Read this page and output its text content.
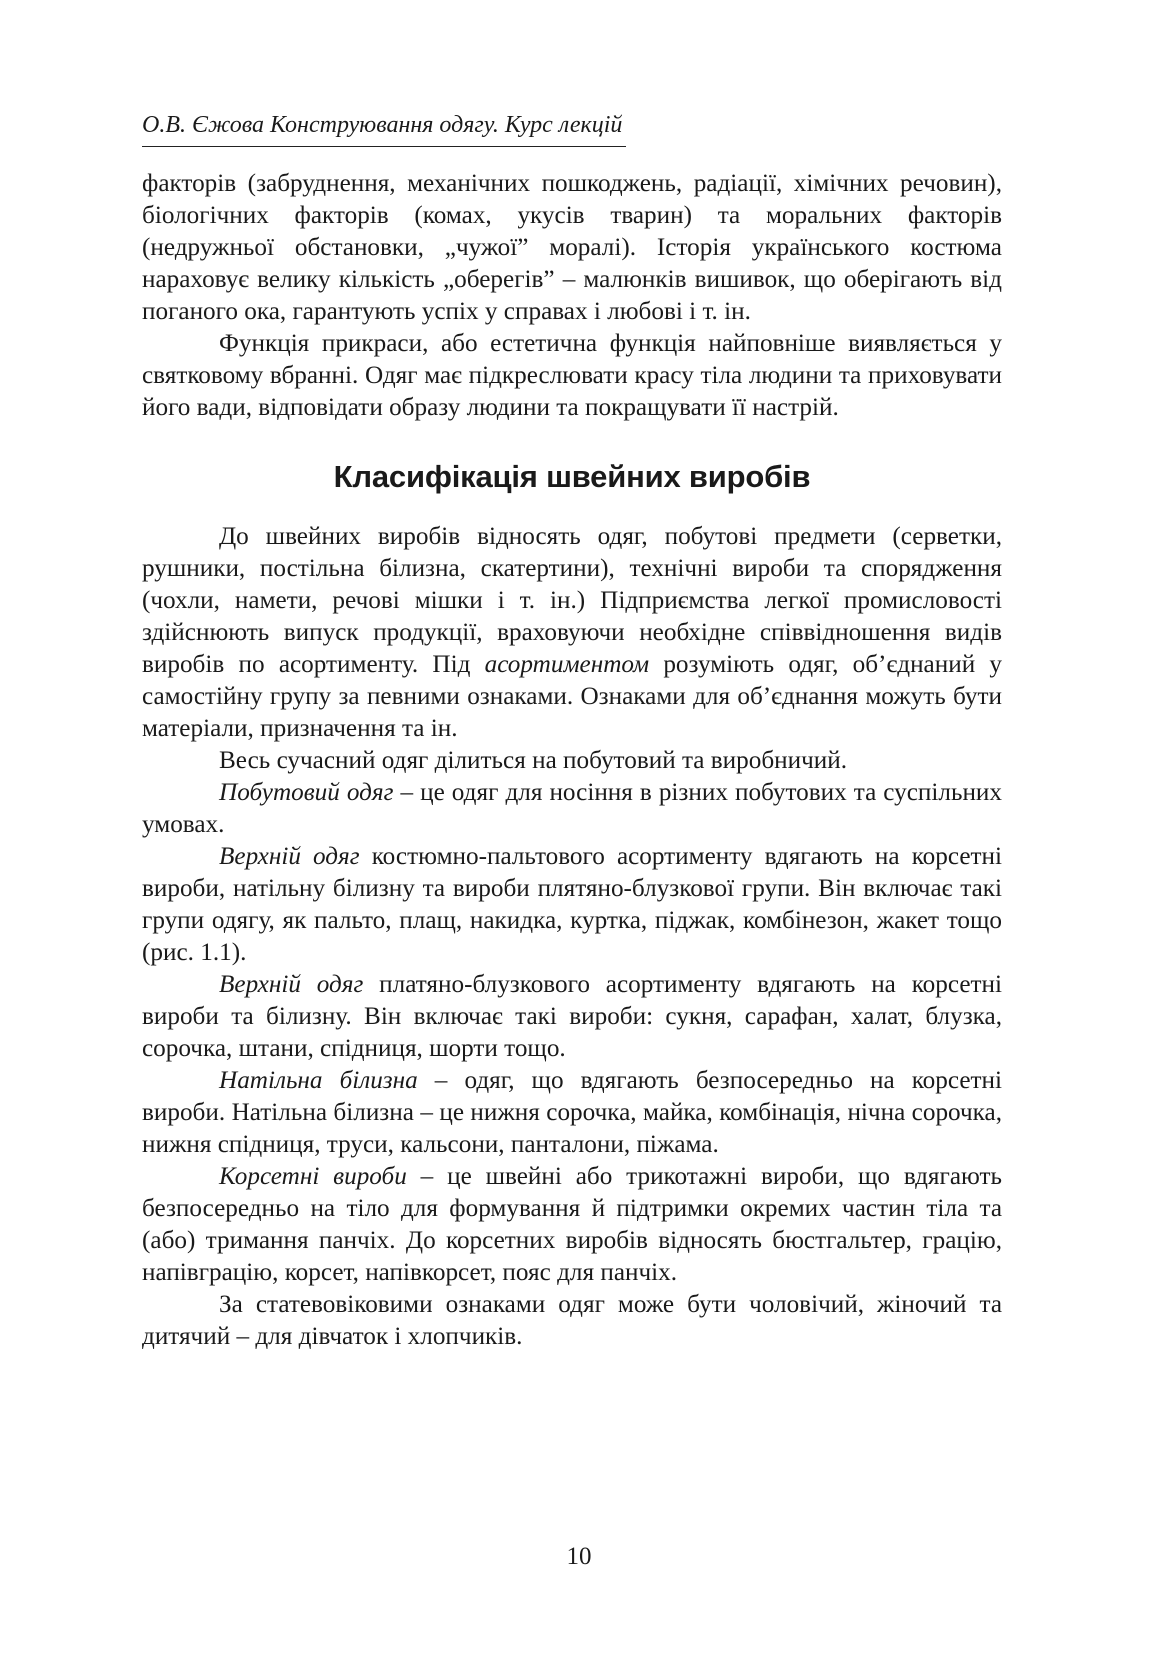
О.В. Єжова Конструювання одягу. Курс лекцій

факторів (забруднення, механічних пошкоджень, радіації, хімічних речовин), біологічних факторів (комах, укусів тварин) та моральних факторів (недружньої обстановки, „чужої” моралі). Історія українського костюма нараховує велику кількість „оберегів” – малюнків вишивок, що оберігають від поганого ока, гарантують успіх у справах і любові і т. ін.

Функція прикраси, або естетична функція найповніше виявляється у святковому вбранні. Одяг має підкреслювати красу тіла людини та приховувати його вади, відповідати образу людини та покращувати її настрій.

Класифікація швейних виробів

До швейних виробів відносять одяг, побутові предмети (серветки, рушники, постільна білизна, скатертини), технічні вироби та спорядження (чохли, намети, речові мішки і т. ін.) Підприємства легкої промисловості здійснюють випуск продукції, враховуючи необхідне співвідношення видів виробів по асортименту. Під асортиментом розуміють одяг, об’єднаний у самостійну групу за певними ознаками. Ознаками для об’єднання можуть бути матеріали, призначення та ін.

Весь сучасний одяг ділиться на побутовий та виробничий.

Побутовий одяг – це одяг для носіння в різних побутових та суспільних умовах.

Верхній одяг костюмно-пальтового асортименту вдягають на корсетні вироби, натільну білизну та вироби плятяно-блузкової групи. Він включає такі групи одягу, як пальто, плащ, накидка, куртка, піджак, комбінезон, жакет тощо (рис. 1.1).

Верхній одяг платяно-блузкового асортименту вдягають на корсетні вироби та білизну. Він включає такі вироби: сукня, сарафан, халат, блузка, сорочка, штани, спідниця, шорти тощо.

Натільна білизна – одяг, що вдягають безпосередньо на корсетні вироби. Натільна білизна – це нижня сорочка, майка, комбінація, нічна сорочка, нижня спідниця, труси, кальсони, панталони, піжама.

Корсетні вироби – це швейні або трикотажні вироби, що вдягають безпосередньо на тіло для формування й підтримки окремих частин тіла та (або) тримання панчіх. До корсетних виробів відносять бюстгальтер, грацію, напівграцію, корсет, напівкорсет, пояс для панчіх.

За статевовіковими ознаками одяг може бути чоловічий, жіночий та дитячий – для дівчаток і хлопчиків.

10
